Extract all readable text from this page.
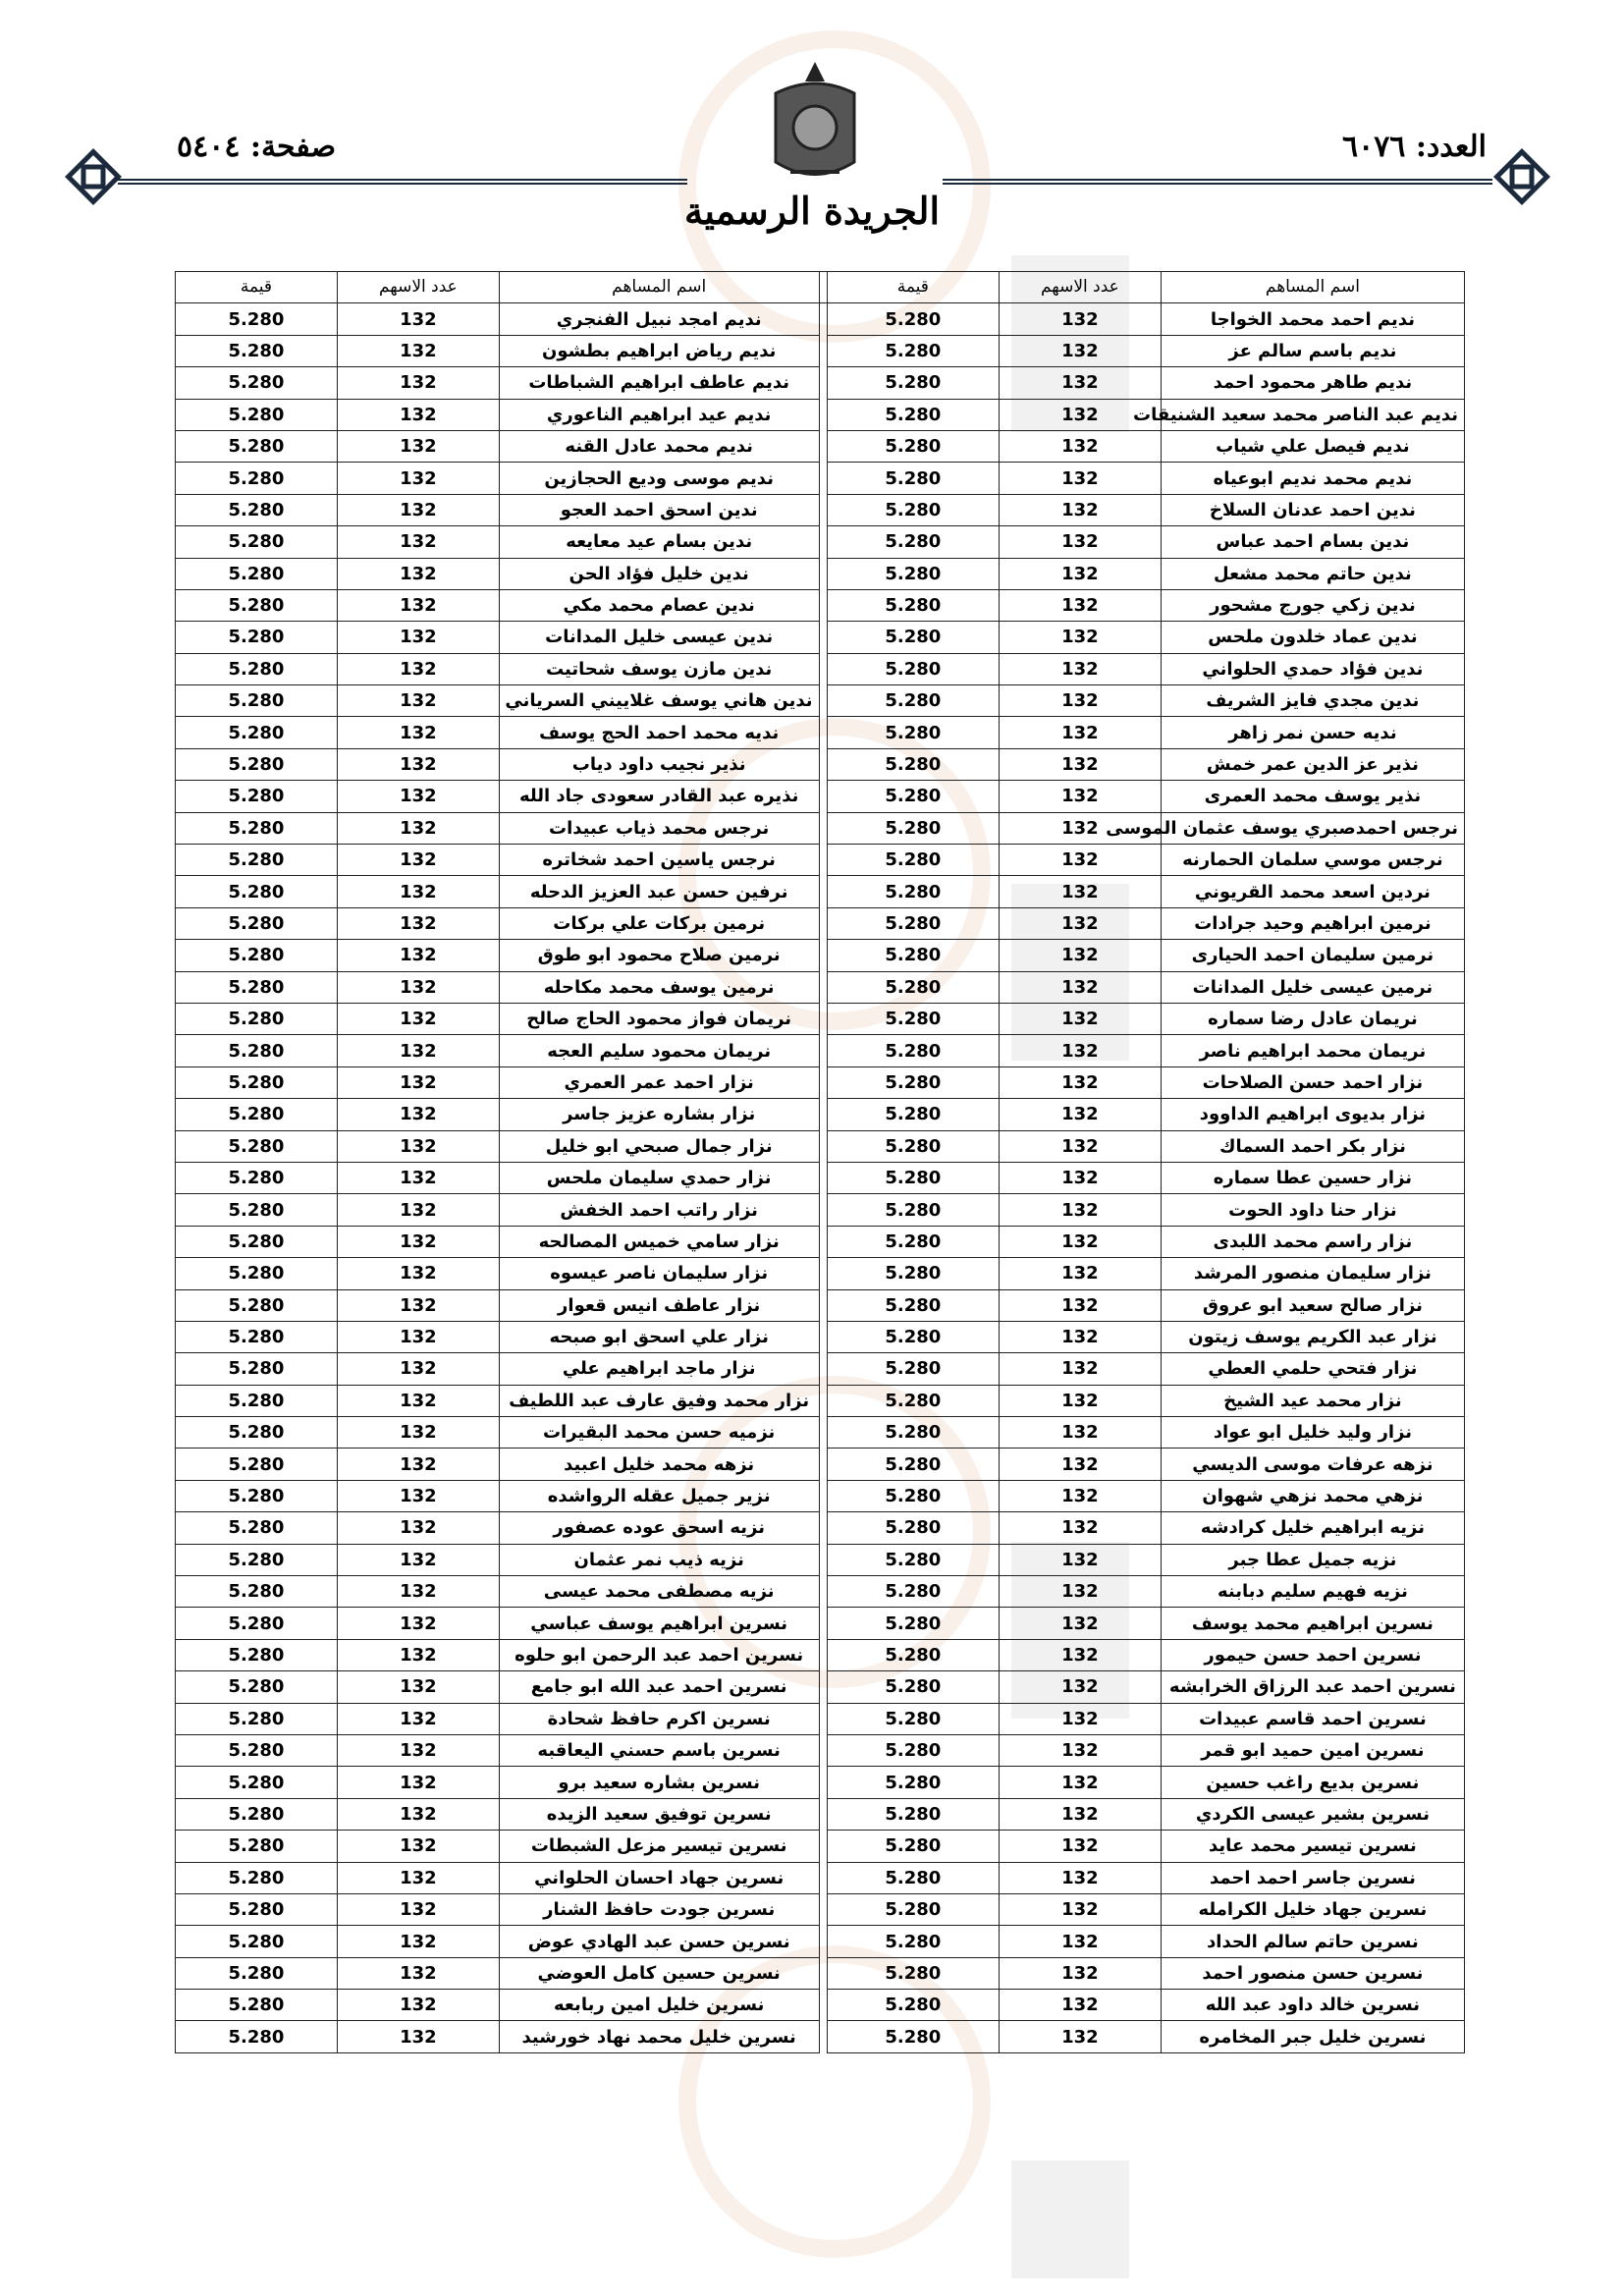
العدد: ٦٠٧٦
صفحة: ٥٤٠٤
الجريدة الرسمية
اسم المساهم	عدد الاسهم	قيمة		اسم المساهم	عدد الاسهم	قيمة
نديم احمد محمد الخواجا	132	5.280		نديم امجد نبيل الفنجري	132	5.280
نديم باسم سالم عز	132	5.280		نديم رياض ابراهيم بطشون	132	5.280
نديم طاهر محمود احمد	132	5.280		نديم عاطف ابراهيم الشباطات	132	5.280
نديم عبد الناصر محمد سعيد الشنيقات	132	5.280		نديم عيد ابراهيم الناعوري	132	5.280
نديم فيصل علي شياب	132	5.280		نديم محمد عادل القنه	132	5.280
نديم محمد نديم ابوعياه	132	5.280		نديم موسى وديع الحجازين	132	5.280
ندين احمد عدنان السلاخ	132	5.280		ندين اسحق احمد العجو	132	5.280
ندين بسام احمد عباس	132	5.280		ندين بسام عيد معايعه	132	5.280
ندين حاتم محمد مشعل	132	5.280		ندين خليل فؤاد الحن	132	5.280
ندين زكي جورج مشحور	132	5.280		ندين عصام محمد مكي	132	5.280
ندين عماد خلدون ملحس	132	5.280		ندين عيسى خليل المدانات	132	5.280
ندين فؤاد حمدي الحلواني	132	5.280		ندين مازن يوسف شحاتيت	132	5.280
ندين مجدي فايز الشريف	132	5.280		ندين هاني يوسف غلاييني السرياني	132	5.280
نديه حسن نمر زاهر	132	5.280		نديه محمد احمد الحج يوسف	132	5.280
نذير عز الدين عمر خمش	132	5.280		نذير نجيب داود دياب	132	5.280
نذير يوسف محمد العمرى	132	5.280		نذيره عبد القادر سعودى جاد الله	132	5.280
نرجس احمدصبري يوسف عثمان الموسى	132	5.280		نرجس محمد ذياب عبيدات	132	5.280
نرجس موسي سلمان الحمارنه	132	5.280		نرجس ياسين احمد شخاتره	132	5.280
نردين اسعد محمد القريوني	132	5.280		نرفين حسن عبد العزيز الدحله	132	5.280
نرمين ابراهيم وحيد جرادات	132	5.280		نرمين بركات علي بركات	132	5.280
نرمين سليمان احمد الحيارى	132	5.280		نرمين صلاح محمود ابو طوق	132	5.280
نرمين عيسى خليل المدانات	132	5.280		نرمين يوسف محمد مكاحله	132	5.280
نريمان عادل رضا سماره	132	5.280		نريمان فواز محمود الحاج صالح	132	5.280
نريمان محمد ابراهيم ناصر	132	5.280		نريمان محمود سليم العجه	132	5.280
نزار احمد حسن الصلاحات	132	5.280		نزار احمد عمر العمري	132	5.280
نزار بديوى ابراهيم الداوود	132	5.280		نزار بشاره عزيز جاسر	132	5.280
نزار بكر احمد السماك	132	5.280		نزار جمال صبحي ابو خليل	132	5.280
نزار حسين عطا سماره	132	5.280		نزار حمدي سليمان ملحس	132	5.280
نزار حنا داود الحوت	132	5.280		نزار راتب احمد الخفش	132	5.280
نزار راسم محمد اللبدى	132	5.280		نزار سامي خميس المصالحه	132	5.280
نزار سليمان منصور المرشد	132	5.280		نزار سليمان ناصر عيسوه	132	5.280
نزار صالح سعيد ابو عروق	132	5.280		نزار عاطف انيس قعوار	132	5.280
نزار عبد الكريم يوسف زيتون	132	5.280		نزار علي اسحق ابو صبحه	132	5.280
نزار فتحي حلمي العطي	132	5.280		نزار ماجد ابراهيم علي	132	5.280
نزار محمد عيد الشيخ	132	5.280		نزار محمد وفيق عارف عبد اللطيف	132	5.280
نزار وليد خليل ابو عواد	132	5.280		نزميه حسن محمد البقيرات	132	5.280
نزهه عرفات موسى الديسي	132	5.280		نزهه محمد خليل اعبيد	132	5.280
نزهي محمد نزهي شهوان	132	5.280		نزير جميل عقله الرواشده	132	5.280
نزيه ابراهيم خليل كرادشه	132	5.280		نزيه اسحق عوده عصفور	132	5.280
نزيه جميل عطا جبر	132	5.280		نزيه ذيب نمر عثمان	132	5.280
نزيه فهيم سليم دبابنه	132	5.280		نزيه مصطفى محمد عيسى	132	5.280
نسرين ابراهيم محمد يوسف	132	5.280		نسرين ابراهيم يوسف عباسي	132	5.280
نسرين احمد حسن حيمور	132	5.280		نسرين احمد عبد الرحمن ابو حلوه	132	5.280
نسرين احمد عبد الرزاق الخرابشه	132	5.280		نسرين احمد عبد الله ابو جامع	132	5.280
نسرين احمد قاسم عبيدات	132	5.280		نسرين اكرم حافظ شحادة	132	5.280
نسرين امين حميد ابو قمر	132	5.280		نسرين باسم حسني اليعاقبه	132	5.280
نسرين بديع راغب حسين	132	5.280		نسرين بشاره سعيد برو	132	5.280
نسرين بشير عيسى الكردي	132	5.280		نسرين توفيق سعيد الزيده	132	5.280
نسرين تيسير محمد عايد	132	5.280		نسرين تيسير مزعل الشبطات	132	5.280
نسرين جاسر احمد احمد	132	5.280		نسرين جهاد احسان الحلواني	132	5.280
نسرين جهاد خليل الكرامله	132	5.280		نسرين جودت حافظ الشنار	132	5.280
نسرين حاتم سالم الحداد	132	5.280		نسرين حسن عبد الهادي عوض	132	5.280
نسرين حسن منصور احمد	132	5.280		نسرين حسين كامل العوضي	132	5.280
نسرين خالد داود عبد الله	132	5.280		نسرين خليل امين ربابعه	132	5.280
نسرين خليل جبر المخامره	132	5.280		نسرين خليل محمد نهاد خورشيد	132	5.280
